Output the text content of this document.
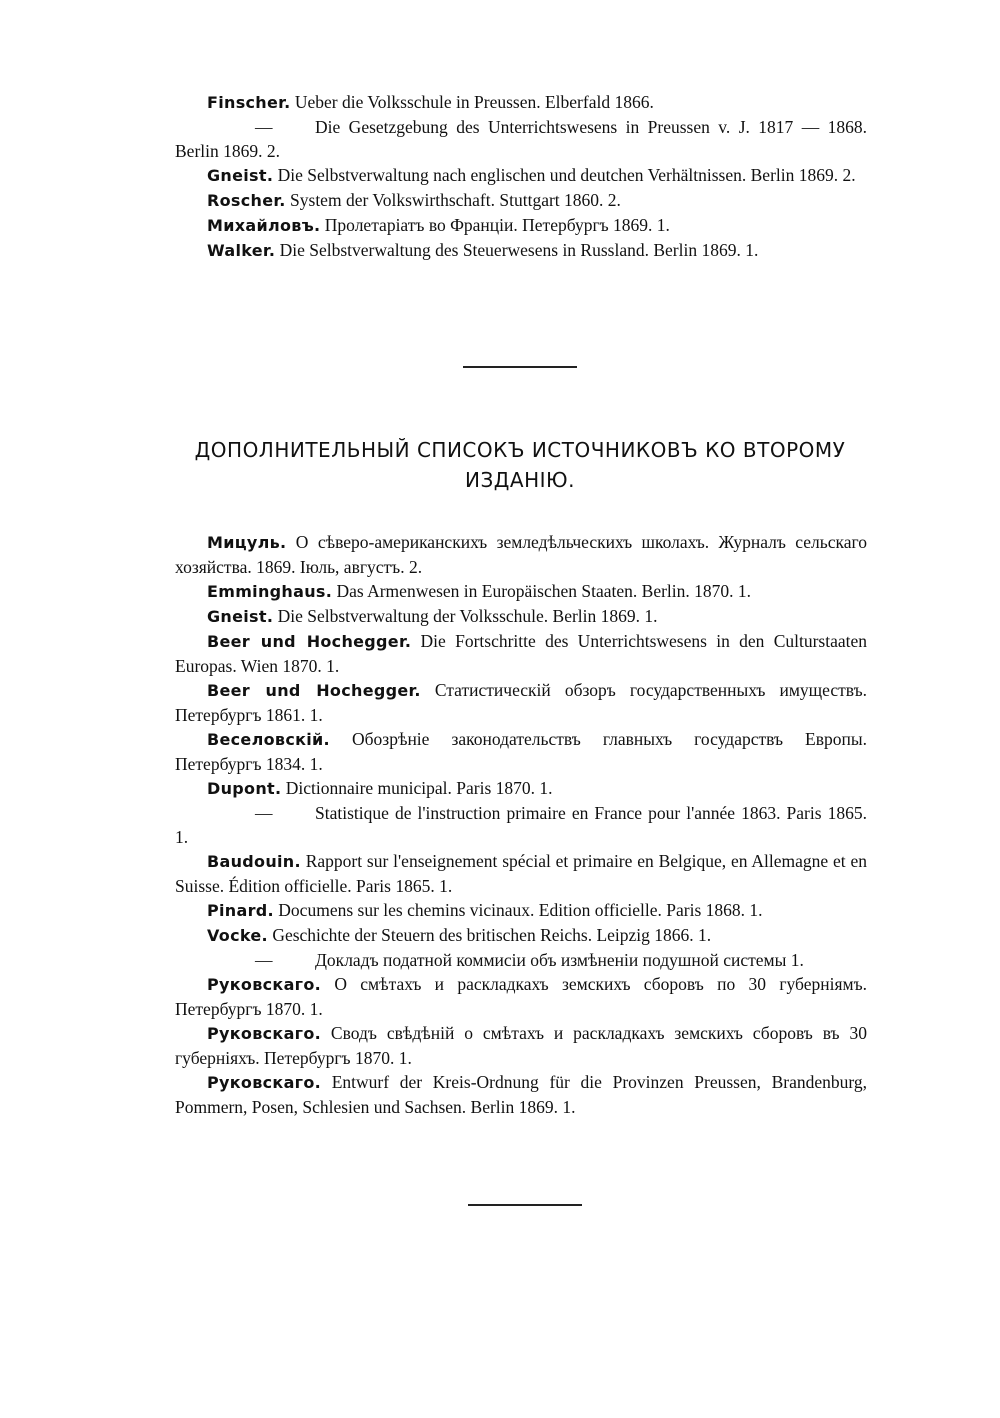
Finscher. Ueber die Volksschule in Preussen. Elberfald 1866.

— Die Gesetzgebung des Unterrichtswesens in Preussen v. J. 1817 — 1868. Berlin 1869. 2.

Gneist. Die Selbstverwaltung nach englischen und deutchen Verhältnissen. Berlin 1869. 2.

Roscher. System der Volkswirthschaft. Stuttgart 1860. 2.

Михайловъ. Пролетаріатъ во Франціи. Петербургъ 1869. 1.

Walker. Die Selbstverwaltung des Steuerwesens in Russland. Berlin 1869. 1.

ДОПОЛНИТЕЛЬНЫЙ СПИСОКЪ ИСТОЧНИКОВЪ КО ВТОРОМУ
ИЗДАНІЮ.

Мицуль. О сѣверо-американскихъ земледѣльческихъ школахъ. Журналъ сельскаго хозяйства. 1869. Іюль, августъ. 2.

Emminghaus. Das Armenwesen in Europäischen Staaten. Berlin. 1870. 1.

Gneist. Die Selbstverwaltung der Volksschule. Berlin 1869. 1.

Beer und Hochegger. Die Fortschritte des Unterrichtswesens in den Culturstaaten Europas. Wien 1870. 1.

Beer und Hochegger. Статистическій обзоръ государственныхъ имуществъ. Петербургъ 1861. 1.

Веселовскій. Обозрѣніе законодательствъ главныхъ государствъ Европы. Петербургъ 1834. 1.

Dupont. Dictionnaire municipal. Paris 1870. 1.

— Statistique de l'instruction primaire en France pour l'année 1863. Paris 1865. 1.

Baudouin. Rapport sur l'enseignement spécial et primaire en Belgique, en Allemagne et en Suisse. Édition officielle. Paris 1865. 1.

Pinard. Documens sur les chemins vicinaux. Edition officielle. Paris 1868. 1.

Vocke. Geschichte der Steuern des britischen Reichs. Leipzig 1866. 1.

— Докладъ податной коммисіи объ измѣненіи подушной системы 1.

Руковскаго. О смѣтахъ и раскладкахъ земскихъ сборовъ по 30 губерніямъ. Петербургъ 1870. 1.

Руковскаго. Сводъ свѣдѣній о смѣтахъ и раскладкахъ земскихъ сборовъ въ 30 губерніяхъ. Петербургъ 1870. 1.

Руковскаго. Entwurf der Kreis-Ordnung für die Provinzen Preussen, Brandenburg, Pommern, Posen, Schlesien und Sachsen. Berlin 1869. 1.
